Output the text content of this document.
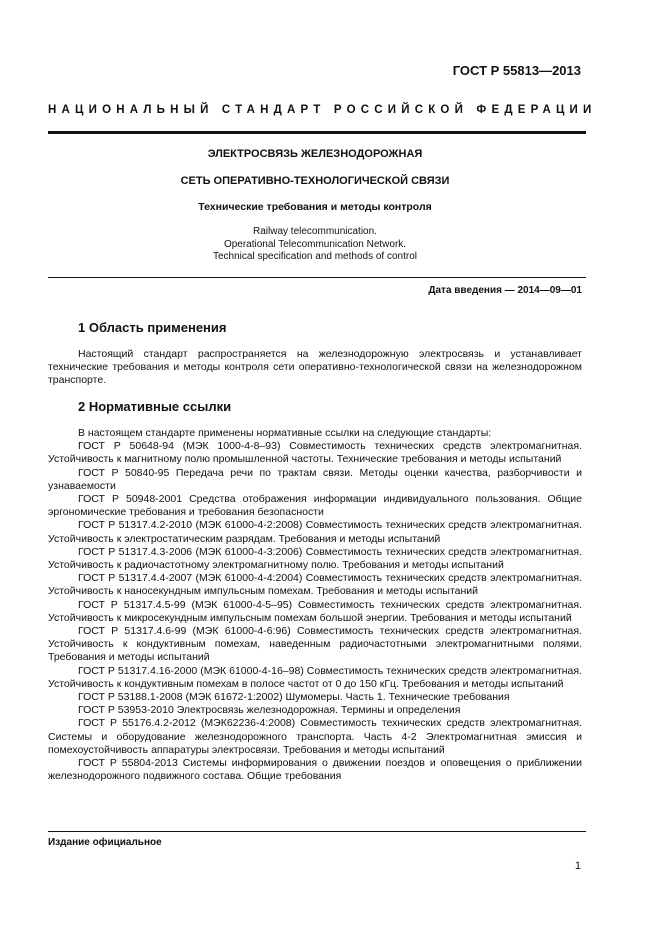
ГОСТ Р 55813—2013
НАЦИОНАЛЬНЫЙ СТАНДАРТ РОССИЙСКОЙ ФЕДЕРАЦИИ
ЭЛЕКТРОСВЯЗЬ ЖЕЛЕЗНОДОРОЖНАЯ
СЕТЬ ОПЕРАТИВНО-ТЕХНОЛОГИЧЕСКОЙ СВЯЗИ
Технические требования и методы контроля
Railway telecommunication.
Operational Telecommunication Network.
Technical specification and methods of control
Дата введения — 2014—09—01
1 Область применения
Настоящий стандарт распространяется на железнодорожную электросвязь и устанавливает технические требования и методы контроля сети оперативно-технологической связи на железнодорожном транспорте.
2 Нормативные ссылки
В настоящем стандарте применены нормативные ссылки на следующие стандарты:
ГОСТ Р 50648-94 (МЭК 1000-4-8–93) Совместимость технических средств электромагнитная. Устойчивость к магнитному полю промышленной частоты. Технические требования и методы испытаний
ГОСТ Р 50840-95 Передача речи по трактам связи. Методы оценки качества, разборчивости и узнаваемости
ГОСТ Р 50948-2001 Средства отображения информации индивидуального пользования. Общие эргономические требования и требования безопасности
ГОСТ Р 51317.4.2-2010 (МЭК 61000-4-2:2008) Совместимость технических средств электромагнитная. Устойчивость к электростатическим разрядам. Требования и методы испытаний
ГОСТ Р 51317.4.3-2006 (МЭК 61000-4-3:2006) Совместимость технических средств электромагнитная. Устойчивость к радиочастотному электромагнитному полю. Требования и методы испытаний
ГОСТ Р 51317.4.4-2007 (МЭК 61000-4-4:2004) Совместимость технических средств электромагнитная. Устойчивость к наносекундным импульсным помехам. Требования и методы испытаний
ГОСТ Р 51317.4.5-99 (МЭК 61000-4-5–95) Совместимость технических средств электромагнитная. Устойчивость к микросекундным импульсным помехам большой энергии. Требования и методы испытаний
ГОСТ Р 51317.4.6-99 (МЭК 61000-4-6:96) Совместимость технических средств электромагнитная. Устойчивость к кондуктивным помехам, наведенным радиочастотными электромагнитными полями. Требования и методы испытаний
ГОСТ Р 51317.4.16-2000 (МЭК 61000-4-16–98) Совместимость технических средств электромагнитная. Устойчивость к кондуктивным помехам в полосе частот от 0 до 150 кГц. Требования и методы испытаний
ГОСТ Р 53188.1-2008 (МЭК 61672-1:2002) Шумомеры. Часть 1. Технические требования
ГОСТ Р 53953-2010 Электросвязь железнодорожная. Термины и определения
ГОСТ Р 55176.4.2-2012 (МЭК62236-4:2008) Совместимость технических средств электромагнитная. Системы и оборудование железнодорожного транспорта. Часть 4-2 Электромагнитная эмиссия и помехоустойчивость аппаратуры электросвязи. Требования и методы испытаний
ГОСТ Р 55804-2013 Системы информирования о движении поездов и оповещения о приближении железнодорожного подвижного состава. Общие требования
Издание официальное
1
